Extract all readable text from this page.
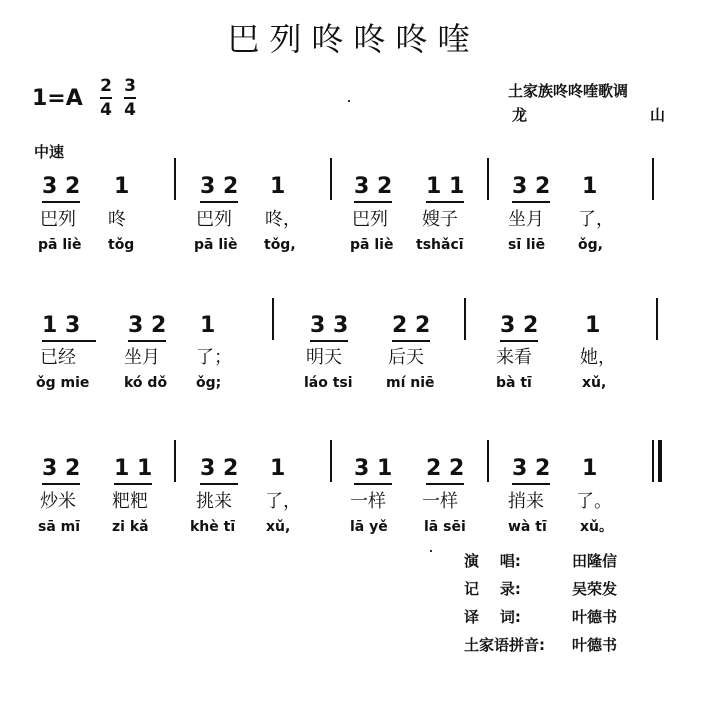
巴列咚咚咚喹
1=A 2
4
3
4
土家族咚咚喹歌调
龙	山
中速
3 2 1	3 2 1	3 2 1 1 3 2 1
巴列 咚	巴列 咚，	巴列 嫂子	坐月 了，
pā liè tǒg	pā liè tǒg,	pā liè tshǎcī	sī liē ǒg,
1 3 3 2 1	3 3 2 2	3 2 1
已经	坐月 了；	明天	后天	来看	她，
ǒg mie kó dǒ ǒg;	láo tsi mí niē	bà tī	xǔ,
3 2 1 1 3 2 1	3 1 2 2 3 2 1
炒米 粑粑	挑来 了，	一样 一样	捎来 了。
sā mī zi kǎ	khè tī xǔ,	lā yě	lā sēi	wà tī xǔ。
演    唱:	田隆信
记    录:	吴荣发
译    词:	叶德书
土家语拼音: 叶德书
